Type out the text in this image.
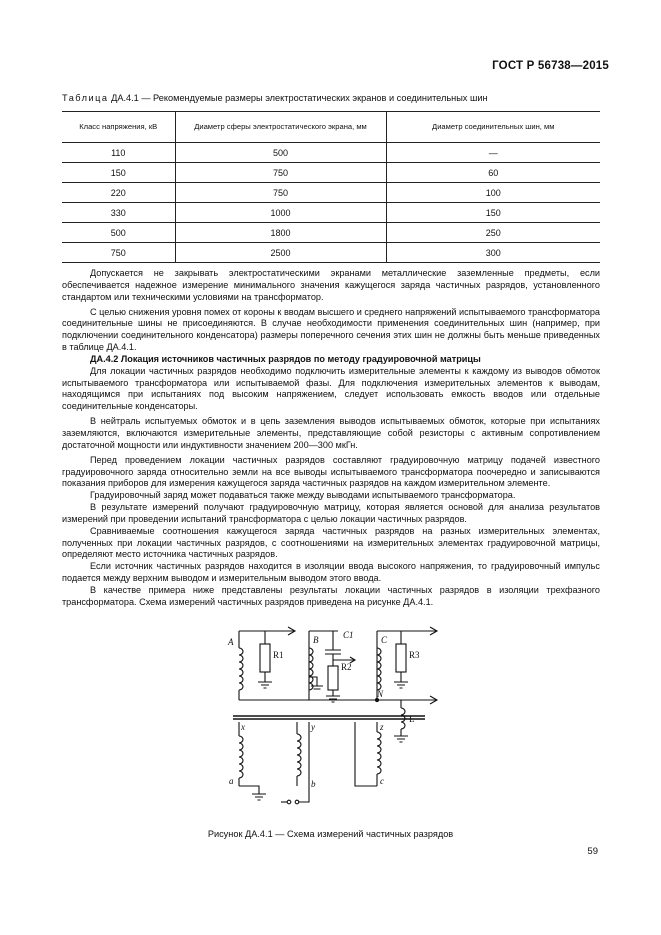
ГОСТ Р 56738—2015
Таблица ДА.4.1 — Рекомендуемые размеры электростатических экранов и соединительных шин
Класс напряжения, кВ	Диаметр сферы электростатического экрана, мм	Диаметр соединительных шин, мм
110	500	—
150	750	60
220	750	100
330	1000	150
500	1800	250
750	2500	300

Допускается не закрывать электростатическими экранами металлические заземленные предметы, если обеспечивается надежное измерение минимального значения кажущегося заряда частичных разрядов, установленного стандартом или техническими условиями на трансформатор.

С целью снижения уровня помех от короны к вводам высшего и среднего напряжений испытываемого трансформатора соединительные шины не присоединяются. В случае необходимости применения соединительных шин (например, при подключении соединительного конденсатора) размеры поперечного сечения этих шин не должны быть меньше приведенных в таблице ДА.4.1.

ДА.4.2 Локация источников частичных разрядов по методу градуировочной матрицы

Для локации частичных разрядов необходимо подключить измерительные элементы к каждому из выводов обмоток испытываемого трансформатора или испытываемой фазы. Для подключения измерительных элементов к выводам, находящимся при испытаниях под высоким напряжением, следует использовать емкость вводов или отдельные соединительные конденсаторы.

В нейтраль испытуемых обмоток и в цепь заземления выводов испытываемых обмоток, которые при испытаниях заземляются, включаются измерительные элементы, представляющие собой резисторы с активным сопротивлением достаточной мощности или индуктивности значением 200—300 мкГн.

Перед проведением локации частичных разрядов составляют градуировочную матрицу подачей известного градуировочного заряда относительно земли на все выводы испытываемого трансформатора поочередно и записываются показания приборов для измерения кажущегося заряда частичных разрядов на каждом измерительном элементе.

Градуировочный заряд может подаваться также между выводами испытываемого трансформатора.

В результате измерений получают градуировочную матрицу, которая является основой для анализа результатов измерений при проведении испытаний трансформатора с целью локации частичных разрядов.

Сравниваемые соотношения кажущегося заряда частичных разрядов на разных измерительных элементах, полученных при локации частичных разрядов, с соотношениями на измерительных элементах градуировочной матрицы, определяют место источника частичных разрядов.

Если источник частичных разрядов находится в изоляции ввода высокого напряжения, то градуировочный импульс подается между верхним выводом и измерительным выводом этого ввода.

В качестве примера ниже представлены результаты локации частичных разрядов в изоляции трехфазного трансформатора. Схема измерений частичных разрядов приведена на рисунке ДА.4.1.

A	B	C
C1
R1
R2
R3
N
L
x	y	z
a	b	c
Рисунок ДА.4.1 — Схема измерений частичных разрядов
59
